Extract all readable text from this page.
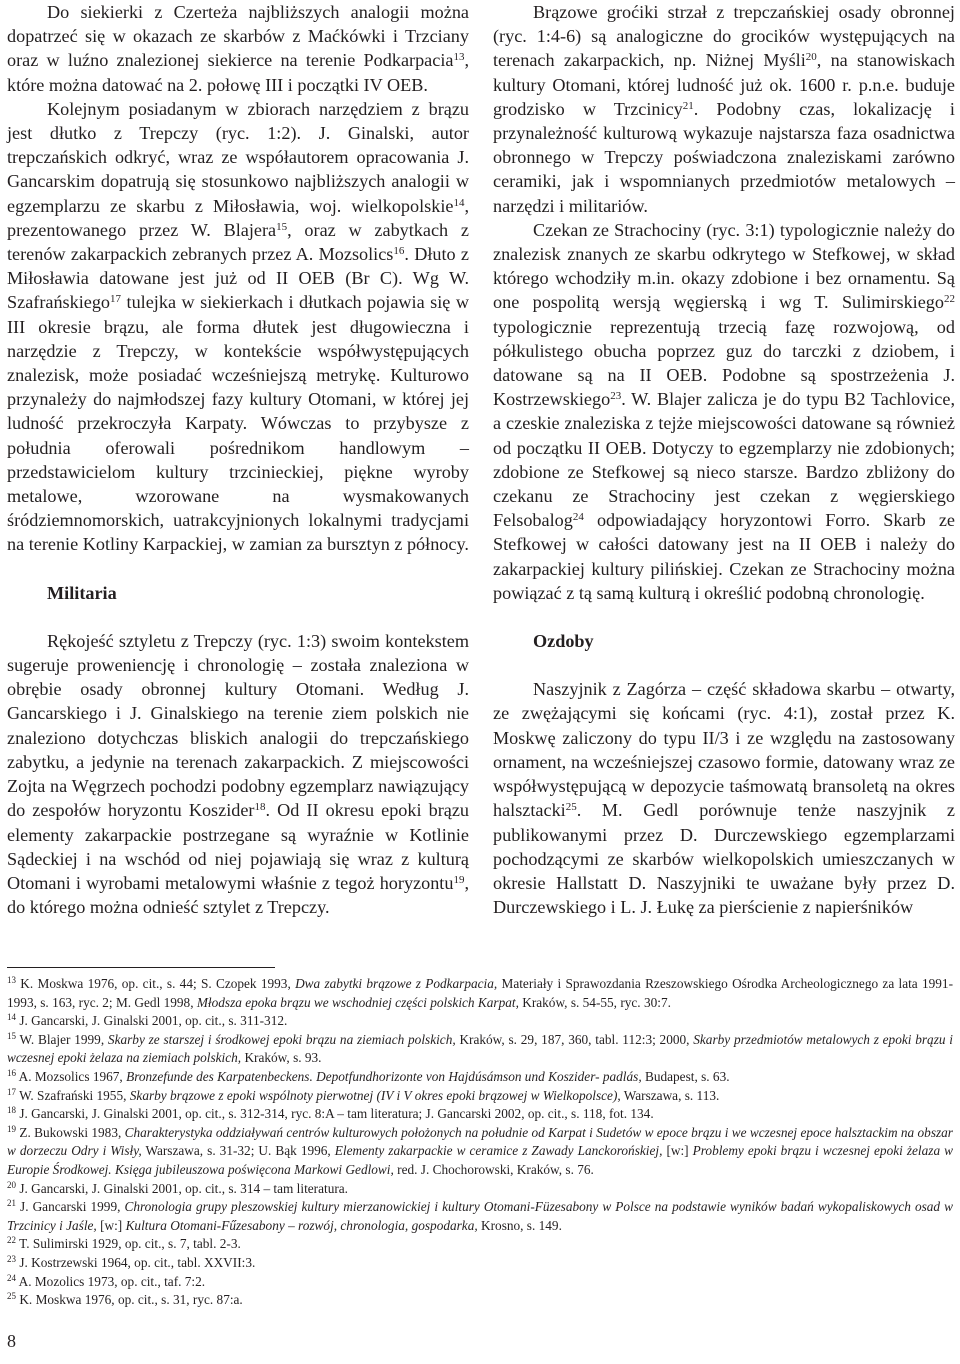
Do siekierki z Czerteża najbliższych analogii można dopatrzeć się w okazach ze skarbów z Maćkówki i Trzciany oraz w luźno znalezionej siekierce na terenie Podkarpacia$^{13}$, które można datować na 2. połowę III i początki IV OEB.

Kolejnym posiadanym w zbiorach narzędziem z brązu jest dłutko z Trepczy (ryc. 1:2). J. Ginalski, autor trepczańskich odkryć, wraz ze współautorem opracowania J. Gancarskim dopatrują się stosunkowo najbliższych analogii w egzemplarzu ze skarbu z Miłosławia, woj. wielkopolskie$^{14}$, prezentowanego przez W. Blajera$^{15}$, oraz w zabytkach z terenów zakarpackich zebranych przez A. Mozsolics$^{16}$. Dłuto z Miłosławia datowane jest już od II OEB (Br C). Wg W. Szafrańskiego$^{17}$ tulejka w siekierkach i dłutkach pojawia się w III okresie brązu, ale forma dłutek jest długowieczna i narzędzie z Trepczy, w kontekście współwystępujących znalezisk, może posiadać wcześniejszą metrykę. Kulturowo przynależy do najmłodszej fazy kultury Otomani, w której jej ludność przekroczyła Karpaty. Wówczas to przybysze z południa oferowali pośrednikom handlowym – przedstawicielom kultury trzcinieckiej, piękne wyroby metalowe, wzorowane na wysmakowanych śródziemnomorskich, uatrakcyjnionych lokalnymi tradycjami na terenie Kotliny Karpackiej, w zamian za bursztyn z północy.

Militaria

Rękojeść sztyletu z Trepczy (ryc. 1:3) swoim kontekstem sugeruje proweniencję i chronologię – została znaleziona w obrębie osady obronnej kultury Otomani. Według J. Gancarskiego i J. Ginalskiego na terenie ziem polskich nie znaleziono dotychczas bliskich analogii do trepczańskiego zabytku, a jedynie na terenach zakarpackich. Z miejscowości Zojta na Węgrzech pochodzi podobny egzemplarz nawiązujący do zespołów horyzontu Koszider$^{18}$. Od II okresu epoki brązu elementy zakarpackie postrzegane są wyraźnie w Kotlinie Sądeckiej i na wschód od niej pojawiają się wraz z kulturą Otomani i wyrobami metalowymi właśnie z tegoż horyzontu$^{19}$, do którego można odnieść sztylet z Trepczy.

Brązowe groćiki strzał z trepczańskiej osady obronnej (ryc. 1:4-6) są analogiczne do grocików występujących na terenach zakarpackich, np. Niżnej Myśli$^{20}$, na stanowiskach kultury Otomani, której ludność już ok. 1600 r. p.n.e. buduje grodzisko w Trzcinicy$^{21}$. Podobny czas, lokalizację i przynależność kulturową wykazuje najstarsza faza osadnictwa obronnego w Trepczy poświadczona znaleziskami zarówno ceramiki, jak i wspomnianych przedmiotów metalowych – narzędzi i militariów.

Czekan ze Strachociny (ryc. 3:1) typologicznie należy do znalezisk znanych ze skarbu odkrytego w Stefkowej, w skład którego wchodziły m.in. okazy zdobione i bez ornamentu. Są one pospolitą wersją węgierską i wg T. Sulimirskiego$^{22}$ typologicznie reprezentują trzecią fazę rozwojową, od półkulistego obucha poprzez guz do tarczki z dziobem, i datowane są na II OEB. Podobne są spostrzeżenia J. Kostrzewskiego$^{23}$. W. Blajer zalicza je do typu B2 Tachlovice, a czeskie znaleziska z tejże miejscowości datowane są również od początku II OEB. Dotyczy to egzemplarzy nie zdobionych; zdobione ze Stefkowej są nieco starsze. Bardzo zbliżony do czekanu ze Strachociny jest czekan z węgierskiego Felsobalog$^{24}$ odpowiadający horyzontowi Forro. Skarb ze Stefkowej w całości datowany jest na II OEB i należy do zakarpackiej kultury pilińskiej. Czekan ze Strachociny można powiązać z tą samą kulturą i określić podobną chronologię.

Ozdoby

Naszyjnik z Zagórza – część składowa skarbu – otwarty, ze zwężającymi się końcami (ryc. 4:1), został przez K. Moskwę zaliczony do typu II/3 i ze względu na zastosowany ornament, na wcześniejszej czasowo formie, datowany wraz ze współwystępującą w depozycie taśmowatą bransoletą na okres halsztacki$^{25}$. M. Gedl porównuje tenże naszyjnik z publikowanymi przez D. Durczewskiego egzemplarzami pochodzącymi ze skarbów wielkopolskich umieszczanych w okresie Hallstatt D. Naszyjniki te uważane były przez D. Durczewskiego i L. J. Łukę za pierścienie z napierśników

$^{13}$ K. Moskwa 1976, op. cit., s. 44; S. Czopek 1993, Dwa zabytki brązowe z Podkarpacia, Materiały i Sprawozdania Rzeszowskiego Ośrodka Archeologicznego za lata 1991-1993, s. 163, ryc. 2; M. Gedl 1998, Młodsza epoka brązu we wschodniej części polskich Karpat, Kraków, s. 54-55, ryc. 30:7.

$^{14}$ J. Gancarski, J. Ginalski 2001, op. cit., s. 311-312.

$^{15}$ W. Blajer 1999, Skarby ze starszej i środkowej epoki brązu na ziemiach polskich, Kraków, s. 29, 187, 360, tabl. 112:3; 2000, Skarby przedmiotów metalowych z epoki brązu i wczesnej epoki żelaza na ziemiach polskich, Kraków, s. 93.

$^{16}$ A. Mozsolics 1967, Bronzefunde des Karpatenbeckens. Depotfundhorizonte von Hajdúsámson und Koszider- padlás, Budapest, s. 63.

$^{17}$ W. Szafrański 1955, Skarby brązowe z epoki wspólnoty pierwotnej (IV i V okres epoki brązowej w Wielkopolsce), Warszawa, s. 113.

$^{18}$ J. Gancarski, J. Ginalski 2001, op. cit., s. 312-314, ryc. 8:A – tam literatura; J. Gancarski 2002, op. cit., s. 118, fot. 134.

$^{19}$ Z. Bukowski 1983, Charakterystyka oddziaływań centrów kulturowych położonych na południe od Karpat i Sudetów w epoce brązu i we wczesnej epoce halsztackim na obszar w dorzeczu Odry i Wisły, Warszawa, s. 31-32; U. Bąk 1996, Elementy zakarpackie w ceramice z Zawady Lanckorońskiej, [w:] Problemy epoki brązu i wczesnej epoki żelaza w Europie Środkowej. Księga jubileuszowa poświęcona Markowi Gedlowi, red. J. Chochorowski, Kraków, s. 76.

$^{20}$ J. Gancarski, J. Ginalski 2001, op. cit., s. 314 – tam literatura.

$^{21}$ J. Gancarski 1999, Chronologia grupy pleszowskiej kultury mierzanowickiej i kultury Otomani-Füzesabony w Polsce na podstawie wyników badań wykopaliskowych osad w Trzcinicy i Jaśle, [w:] Kultura Otomani-Fűzesabony – rozwój, chronologia, gospodarka, Krosno, s. 149.

$^{22}$ T. Sulimirski 1929, op. cit., s. 7, tabl. 2-3.

$^{23}$ J. Kostrzewski 1964, op. cit., tabl. XXVII:3.

$^{24}$ A. Mozolics 1973, op. cit., taf. 7:2.

$^{25}$ K. Moskwa 1976, op. cit., s. 31, ryc. 87:a.

8
